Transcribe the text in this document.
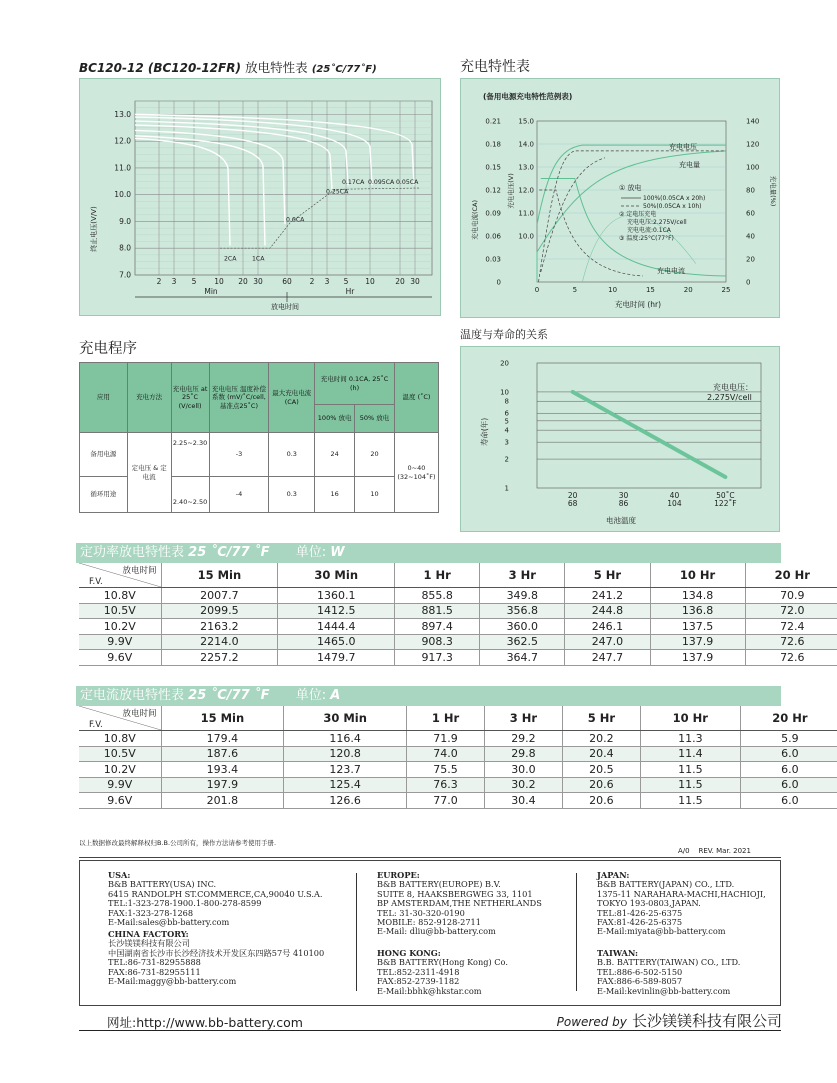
BC120-12 (BC120-12FR) 放电特性表 (25˚C/77˚F)
13.0
12.0
11.0
10.0
9.0
8.0
7.0
2 3 5 10 20 30	60 2 3 5 10	20 30
2CA	1CA
0.6CA
0.25CA
0.17CA 0.095CA 0.05CA
终止电压(V/V)
Min	Hr
放电时间
充电特性表
(备用电源充电特性范例表)
0.21
0.18
0.15
0.12
0.09
0.06
0.03
0
15.0
14.0
13.0
12.0
11.0
10.0
140
120
100
80
60
40
20
0
0	5	10	15	20	25
充电电流(CA)
充电电压(V)	充电量(%)
充电时间 (hr)
充电电压
充电量
充电电流
① 放电
100%(0.05CA x 20h)
50%(0.05CA x 10h)
② 定电压充电
充电电压:2.275V/cell
充电电流:0.1CA
③ 温度:25°C(77°F)
充电程序
应用	充电方法	充电电压 at 25˚C (V/cell)	充电电压 温度补偿系数 (mV/˚C/cell, 基准点25˚C)	最大充电电流 (CA)	充电时间 0.1CA, 25˚C (h)		温度 (˚C)
					100% 放电	50% 放电	
备用电源	定电压 & 定电流	2.25~2.30	-3	0.3	24	20	0~40 (32~104˚F)
循环用途		2.40~2.50	-4	0.3	16	10	
温度与寿命的关系
20
10
8
6
5
4
3
2
1
20
68
30
86
40
104
50˚C
122˚F
寿命(年)
电池温度
充电电压：
2.275V/cell
定功率放电特性表 25 ˚C/77 ˚F 单位: W
放电时间
F.V.	15 Min	30 Min	1 Hr	3 Hr	5 Hr	10 Hr	20 Hr
10.8V	2007.7	1360.1	855.8	349.8	241.2	134.8	70.9
10.5V	2099.5	1412.5	881.5	356.8	244.8	136.8	72.0
10.2V	2163.2	1444.4	897.4	360.0	246.1	137.5	72.4
9.9V	2214.0	1465.0	908.3	362.5	247.0	137.9	72.6
9.6V	2257.2	1479.7	917.3	364.7	247.7	137.9	72.6
定电流放电特性表 25 ˚C/77 ˚F 单位: A
放电时间
F.V.	15 Min	30 Min	1 Hr	3 Hr	5 Hr	10 Hr	20 Hr
10.8V	179.4	116.4	71.9	29.2	20.2	11.3	5.9
10.5V	187.6	120.8	74.0	29.8	20.4	11.4	6.0
10.2V	193.4	123.7	75.5	30.0	20.5	11.5	6.0
9.9V	197.9	125.4	76.3	30.2	20.6	11.5	6.0
9.6V	201.8	126.6	77.0	30.4	20.6	11.5	6.0
以上数据修改最终解释权归B.B.公司所有，操作方法请参考使用手册.
A/0    REV. Mar. 2021
USA:
B&B BATTERY(USA) INC.
6415 RANDOLPH ST.COMMERCE,CA,90040 U.S.A.
TEL:1-323-278-1900.1-800-278-8599
FAX:1-323-278-1268
E-Mail:sales@bb-battery.com
CHINA FACTORY:
长沙镁镁科技有限公司
中国湖南省长沙市长沙经济技术开发区东四路57号 410100
TEL:86-731-82955888
FAX:86-731-82955111
E-Mail:maggy@bb-battery.com
EUROPE:
B&B BATTERY(EUROPE) B.V.
SUITE 8, HAAKSBERGWEG 33, 1101
BP AMSTERDAM,THE NETHERLANDS
TEL: 31-30-320-0190
MOBILE: 852-9128-2711
E-Mail: dliu@bb-battery.com
HONG KONG:
B&B BATTERY(Hong Kong) Co.
TEL:852-2311-4918
FAX:852-2739-1182
E-Mail:bbhk@hkstar.com
JAPAN:
B&B BATTERY(JAPAN) CO., LTD.
1375-11 NARAHARA-MACHI,HACHIOJI,
TOKYO 193-0803,JAPAN.
TEL:81-426-25-6375
FAX:81-426-25-6375
E-Mail:miyata@bb-battery.com
TAIWAN:
B.B. BATTERY(TAIWAN) CO., LTD.
TEL:886-6-502-5150
FAX:886-6-589-8057
E-Mail:kevinlin@bb-battery.com
网址:http://www.bb-battery.com	Powered by 长沙镁镁科技有限公司
